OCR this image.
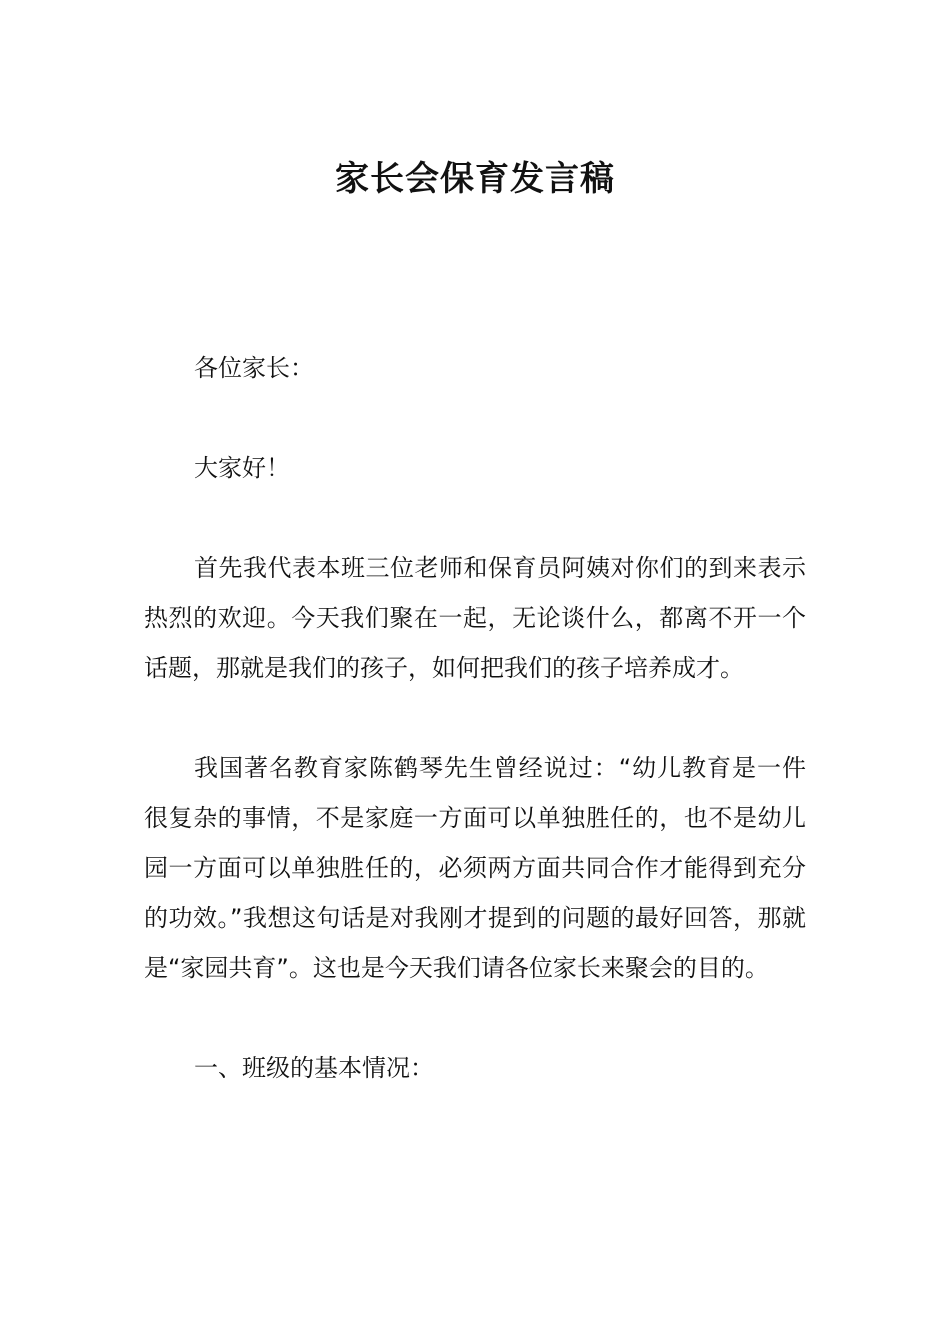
家长会保育发言稿

各位家长：

大家好！

首先我代表本班三位老师和保育员阿姨对你们的到来表示热烈的欢迎。今天我们聚在一起，无论谈什么，都离不开一个话题，那就是我们的孩子，如何把我们的孩子培养成才。

我国著名教育家陈鹤琴先生曾经说过：“幼儿教育是一件很复杂的事情，不是家庭一方面可以单独胜任的，也不是幼儿园一方面可以单独胜任的，必须两方面共同合作才能得到充分的功效。”我想这句话是对我刚才提到的问题的最好回答，那就是“家园共育”。这也是今天我们请各位家长来聚会的目的。

一、班级的基本情况：
